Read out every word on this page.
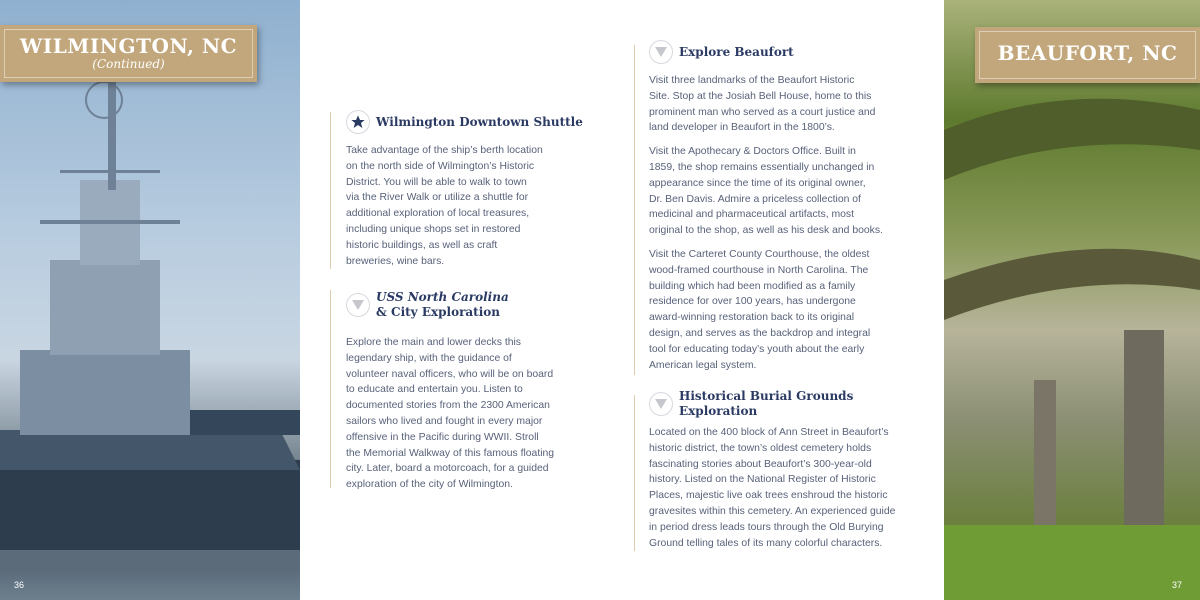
WILMINGTON, NC
(Continued)
36	37
BEAUFORT, NC
Wilmington Downtown Shuttle
Take advantage of the ship’s berth location
on the north side of Wilmington’s Historic
District. You will be able to walk to town
via the River Walk or utilize a shuttle for
additional exploration of local treasures,
including unique shops set in restored
historic buildings, as well as craft
breweries, wine bars.
USS North Carolina
& City Exploration
Explore the main and lower decks this
legendary ship, with the guidance of
volunteer naval officers, who will be on board
to educate and entertain you. Listen to
documented stories from the 2300 American
sailors who lived and fought in every major
offensive in the Pacific during WWII. Stroll
the Memorial Walkway of this famous floating
city. Later, board a motorcoach, for a guided
exploration of the city of Wilmington.
Explore Beaufort
Visit three landmarks of the Beaufort Historic
Site. Stop at the Josiah Bell House, home to this
prominent man who served as a court justice and
land developer in Beaufort in the 1800’s.
Visit the Apothecary & Doctors Office. Built in
1859, the shop remains essentially unchanged in
appearance since the time of its original owner,
Dr. Ben Davis. Admire a priceless collection of
medicinal and pharmaceutical artifacts, most
original to the shop, as well as his desk and books.
Visit the Carteret County Courthouse, the oldest
wood-framed courthouse in North Carolina. The
building which had been modified as a family
residence for over 100 years, has undergone
award-winning restoration back to its original
design, and serves as the backdrop and integral
tool for educating today’s youth about the early
American legal system.
Historical Burial Grounds Exploration
Located on the 400 block of Ann Street in Beaufort’s
historic district, the town’s oldest cemetery holds
fascinating stories about Beaufort’s 300-year-old
history. Listed on the National Register of Historic
Places, majestic live oak trees enshroud the historic
gravesites within this cemetery. An experienced guide
in period dress leads tours through the Old Burying
Ground telling tales of its many colorful characters.
